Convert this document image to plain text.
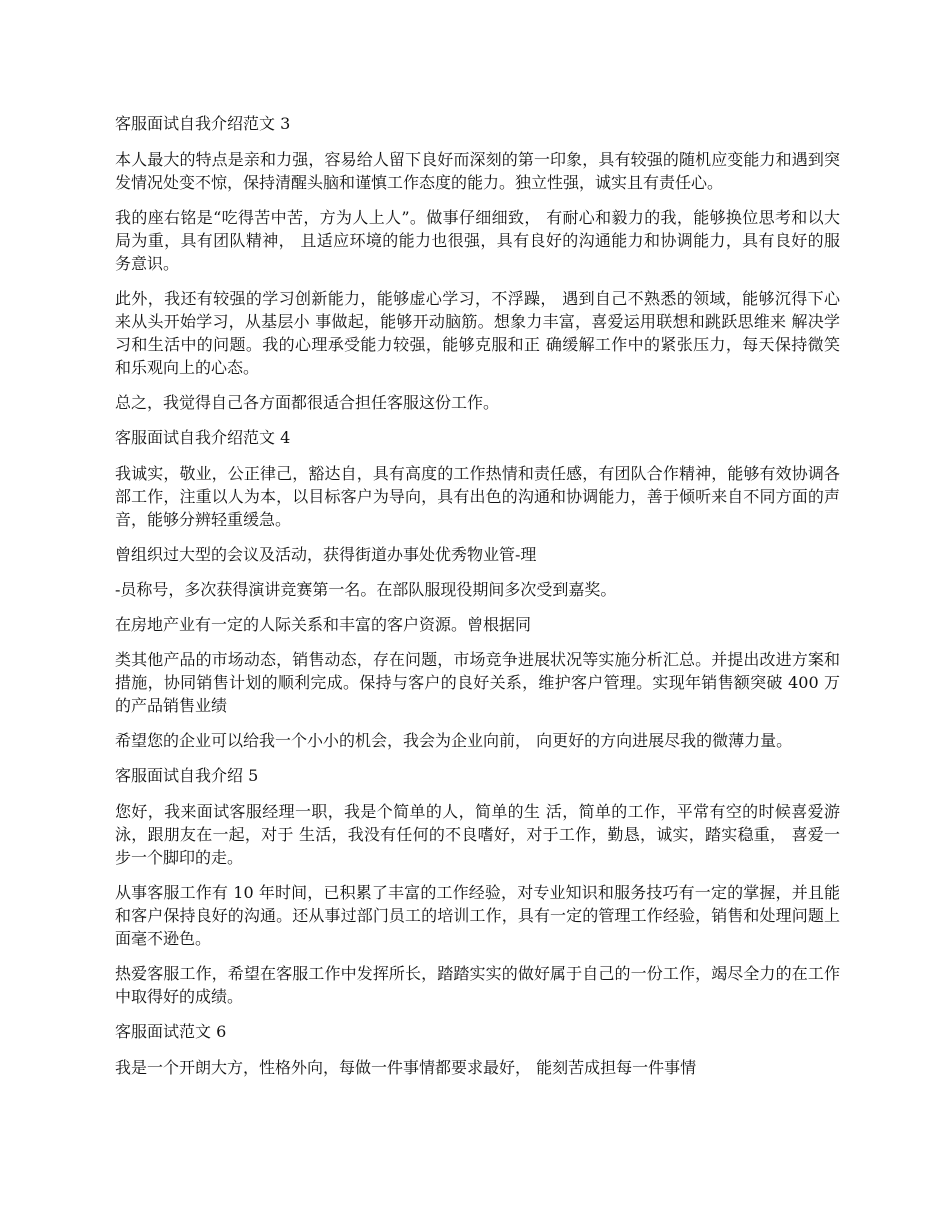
客服面试自我介绍范文 3
本人最大的特点是亲和力强，容易给人留下良好而深刻的第一印象，具有较强的随机应变能力和遇到突发情况处变不惊，保持清醒头脑和谨慎工作态度的能力。独立性强，诚实且有责任心。
我的座右铭是“吃得苦中苦，方为人上人”。做事仔细细致， 有耐心和毅力的我，能够换位思考和以大局为重，具有团队精神， 且适应环境的能力也很强，具有良好的沟通能力和协调能力，具有良好的服务意识。
此外，我还有较强的学习创新能力，能够虚心学习，不浮躁， 遇到自己不熟悉的领域，能够沉得下心来从头开始学习，从基层小 事做起，能够开动脑筋。想象力丰富，喜爱运用联想和跳跃思维来 解决学习和生活中的问题。我的心理承受能力较强，能够克服和正 确缓解工作中的紧张压力，每天保持微笑和乐观向上的心态。
总之，我觉得自己各方面都很适合担任客服这份工作。
客服面试自我介绍范文 4
我诚实，敬业，公正律己，豁达自，具有高度的工作热情和责任感，有团队合作精神，能够有效协调各部工作，注重以人为本，以目标客户为导向，具有出色的沟通和协调能力，善于倾听来自不同方面的声音，能够分辨轻重缓急。
曾组织过大型的会议及活动，获得街道办事处优秀物业管-理
-员称号，多次获得演讲竞赛第一名。在部队服现役期间多次受到嘉奖。
在房地产业有一定的人际关系和丰富的客户资源。曾根据同
类其他产品的市场动态，销售动态，存在问题，市场竞争进展状况等实施分析汇总。并提出改进方案和措施，协同销售计划的顺利完成。保持与客户的良好关系，维护客户管理。实现年销售额突破 400 万的产品销售业绩
希望您的企业可以给我一个小小的机会，我会为企业向前， 向更好的方向进展尽我的微薄力量。
客服面试自我介绍 5
您好，我来面试客服经理一职，我是个简单的人，简单的生 活，简单的工作，平常有空的时候喜爱游泳，跟朋友在一起，对于 生活，我没有任何的不良嗜好，对于工作，勤恳，诚实，踏实稳重， 喜爱一步一个脚印的走。
从事客服工作有 10 年时间，已积累了丰富的工作经验，对专业知识和服务技巧有一定的掌握，并且能和客户保持良好的沟通。还从事过部门员工的培训工作，具有一定的管理工作经验，销售和处理问题上面毫不逊色。
热爱客服工作，希望在客服工作中发挥所长，踏踏实实的做好属于自己的一份工作，竭尽全力的在工作中取得好的成绩。
客服面试范文 6
我是一个开朗大方，性格外向，每做一件事情都要求最好， 能刻苦成担每一件事情
